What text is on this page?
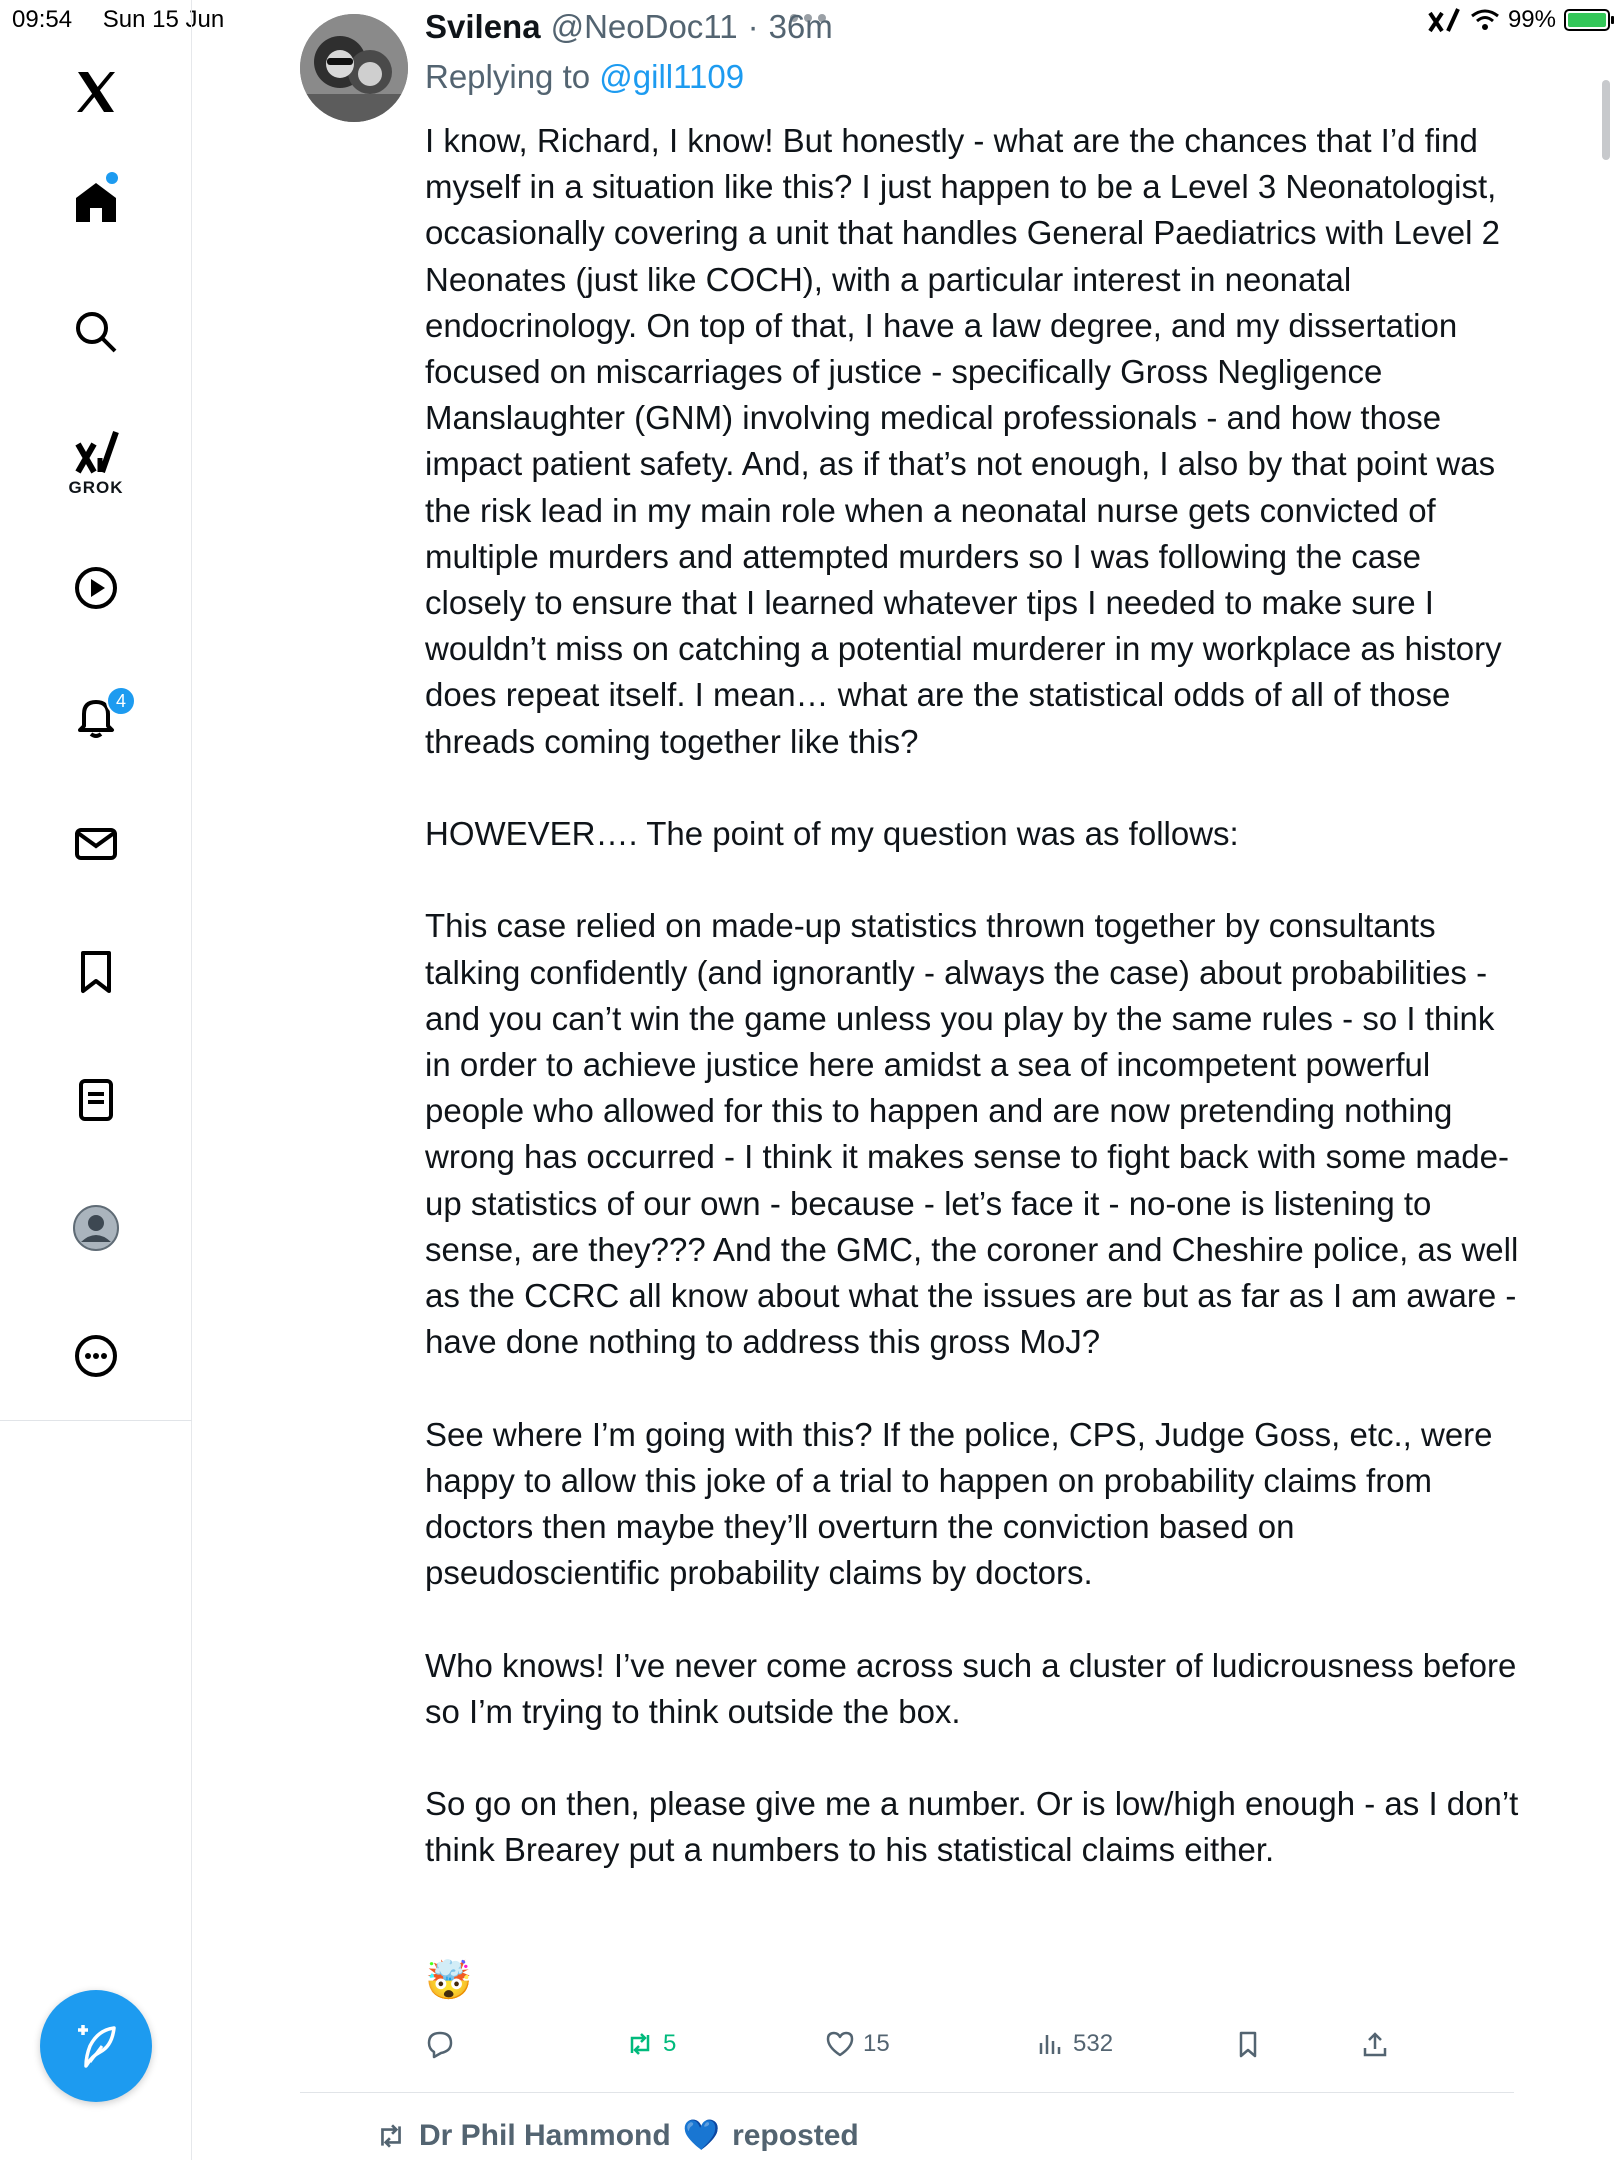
09:54 Sun 15 Jun	99%
GROK
4
Svilena @NeoDoc11 · 36m
Replying to @gill1109

I know, Richard, I know! But honestly - what are the chances that I’d find myself in a situation like this? I just happen to be a Level 3 Neonatologist, occasionally covering a unit that handles General Paediatrics with Level 2 Neonates (just like COCH), with a particular interest in neonatal endocrinology. On top of that, I have a law degree, and my dissertation focused on miscarriages of justice - specifically Gross Negligence Manslaughter (GNM) involving medical professionals - and how those impact patient safety. And, as if that’s not enough, I also by that point was the risk lead in my main role when a neonatal nurse gets convicted of multiple murders and attempted murders so I was following the case closely to ensure that I learned whatever tips I needed to make sure I wouldn’t miss on catching a potential murderer in my workplace as history does repeat itself. I mean… what are the statistical odds of all of those threads coming together like this?

HOWEVER…. The point of my question was as follows:

This case relied on made-up statistics thrown together by consultants talking confidently (and ignorantly - always the case) about probabilities - and you can’t win the game unless you play by the same rules - so I think in order to achieve justice here amidst a sea of incompetent powerful people who allowed for this to happen and are now pretending nothing wrong has occurred - I think it makes sense to fight back with some made-up statistics of our own - because - let’s face it - no-one is listening to sense, are they??? And the GMC, the coroner and Cheshire police, as well as the CCRC all know about what the issues are but as far as I am aware - have done nothing to address this gross MoJ?

See where I’m going with this? If the police, CPS, Judge Goss, etc., were happy to allow this joke of a trial to happen on probability claims from doctors then maybe they’ll overturn the conviction based on pseudoscientific probability claims by doctors.

Who knows! I’ve never come across such a cluster of ludicrousness before so I’m trying to think outside the box.

So go on then, please give me a number. Or is low/high enough - as I don’t think Brearey put a numbers to his statistical claims either.

🤯
5	15	532
Dr Phil Hammond 💙 reposted
